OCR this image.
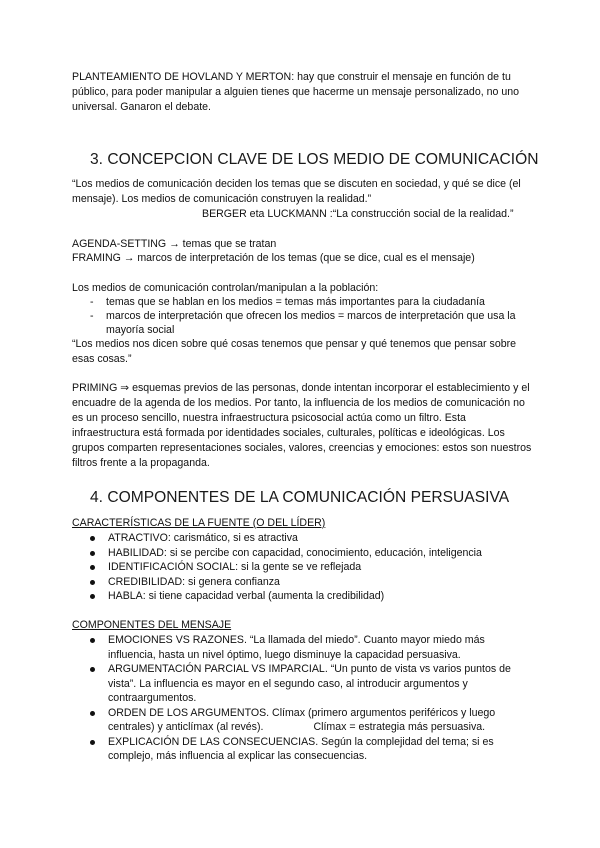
PLANTEAMIENTO DE HOVLAND Y MERTON: hay que construir el mensaje en función de tu público, para poder manipular a alguien tienes que hacerme un mensaje personalizado, no uno universal. Ganaron el debate.

3. CONCEPCION CLAVE DE LOS MEDIO DE COMUNICACIÓN

“Los medios de comunicación deciden los temas que se discuten en sociedad, y qué se dice (el mensaje). Los medios de comunicación construyen la realidad.”

BERGER eta LUCKMANN :“La construcción social de la realidad.”

AGENDA-SETTING → temas que se tratan

FRAMING → marcos de interpretación de los temas (que se dice, cual es el mensaje)

Los medios de comunicación controlan/manipulan a la población:

- temas que se hablan en los medios = temas más importantes para la ciudadanía
- marcos de interpretación que ofrecen los medios = marcos de interpretación que usa la mayoría social

“Los medios nos dicen sobre qué cosas tenemos que pensar y qué tenemos que pensar sobre esas cosas.”

PRIMING ⇒ esquemas previos de las personas, donde intentan incorporar el establecimiento y el encuadre de la agenda de los medios. Por tanto, la influencia de los medios de comunicación no es un proceso sencillo, nuestra infraestructura psicosocial actúa como un filtro. Esta infraestructura está formada por identidades sociales, culturales, políticas e ideológicas. Los grupos comparten representaciones sociales, valores, creencias y emociones: estos son nuestros filtros frente a la propaganda.

4. COMPONENTES DE LA COMUNICACIÓN PERSUASIVA

CARACTERÍSTICAS DE LA FUENTE (O DEL LÍDER)

ATRACTIVO: carismático, si es atractiva
HABILIDAD: si se percibe con capacidad, conocimiento, educación, inteligencia
IDENTIFICACIÓN SOCIAL: si la gente se ve reflejada
CREDIBILIDAD: si genera confianza
HABLA: si tiene capacidad verbal (aumenta la credibilidad)

COMPONENTES DEL MENSAJE

EMOCIONES VS RAZONES. “La llamada del miedo”. Cuanto mayor miedo más influencia, hasta un nivel óptimo, luego disminuye la capacidad persuasiva.
ARGUMENTACIÓN PARCIAL VS IMPARCIAL. “Un punto de vista vs varios puntos de vista”. La influencia es mayor en el segundo caso, al introducir argumentos y contraargumentos.
ORDEN DE LOS ARGUMENTOS. Clímax (primero argumentos periféricos y luego centrales) y anticlímax (al revés).                 Clímax = estrategia más persuasiva.
EXPLICACIÓN DE LAS CONSECUENCIAS. Según la complejidad del tema; si es complejo, más influencia al explicar las consecuencias.
